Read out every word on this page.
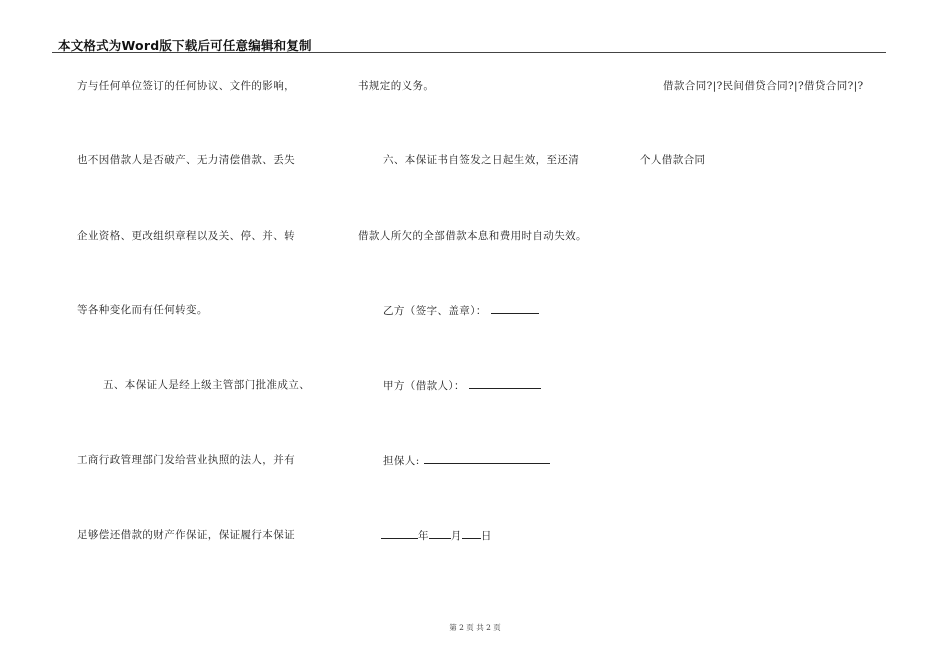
本文格式为Word版下载后可任意编辑和复制
方与任何单位签订的任何协议、文件的影响，
也不因借款人是否破产、无力清偿借款、丢失
企业资格、更改组织章程以及关、停、并、转
等各种变化而有任何转变。
五、本保证人是经上级主管部门批准成立、
工商行政管理部门发给营业执照的法人，并有
足够偿还借款的财产作保证，保证履行本保证
书规定的义务。
六、本保证书自签发之日起生效，至还清
借款人所欠的全部借款本息和费用时自动失效。
乙方（签字、盖章）：
甲方（借款人）：
担保人:
年 月 日
借款合同?|?民间借贷合同?|?借贷合同?|?
个人借款合同
第 2 页 共 2 页
